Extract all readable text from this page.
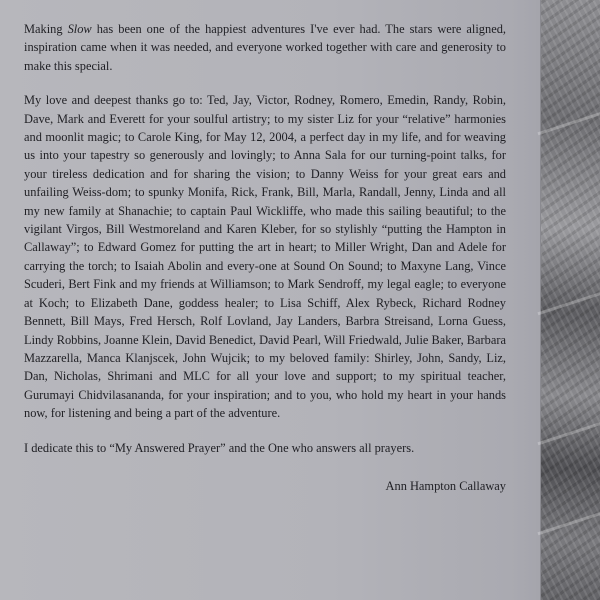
Making Slow has been one of the happiest adventures I've ever had. The stars were aligned, inspiration came when it was needed, and everyone worked together with care and generosity to make this special.

My love and deepest thanks go to: Ted, Jay, Victor, Rodney, Romero, Emedin, Randy, Robin, Dave, Mark and Everett for your soulful artistry; to my sister Liz for your “relative” harmonies and moonlit magic; to Carole King, for May 12, 2004, a perfect day in my life, and for weaving us into your tapestry so generously and lovingly; to Anna Sala for our turning-point talks, for your tireless dedication and for sharing the vision; to Danny Weiss for your great ears and unfailing Weiss-dom; to spunky Monifa, Rick, Frank, Bill, Marla, Randall, Jenny, Linda and all my new family at Shanachie; to captain Paul Wickliffe, who made this sailing beautiful; to the vigilant Virgos, Bill Westmoreland and Karen Kleber, for so stylishly “putting the Hampton in Callaway”; to Edward Gomez for putting the art in heart; to Miller Wright, Dan and Adele for carrying the torch; to Isaiah Abolin and every-one at Sound On Sound; to Maxyne Lang, Vince Scuderi, Bert Fink and my friends at Williamson; to Mark Sendroff, my legal eagle; to everyone at Koch; to Elizabeth Dane, goddess healer; to Lisa Schiff, Alex Rybeck, Richard Rodney Bennett, Bill Mays, Fred Hersch, Rolf Lovland, Jay Landers, Barbra Streisand, Lorna Guess, Lindy Robbins, Joanne Klein, David Benedict, David Pearl, Will Friedwald, Julie Baker, Barbara Mazzarella, Manca Klanjscek, John Wujcik; to my beloved family: Shirley, John, Sandy, Liz, Dan, Nicholas, Shrimani and MLC for all your love and support; to my spiritual teacher, Gurumayi Chidvilasananda, for your inspiration; and to you, who hold my heart in your hands now, for listening and being a part of the adventure.

I dedicate this to “My Answered Prayer” and the One who answers all prayers.

Ann Hampton Callaway
